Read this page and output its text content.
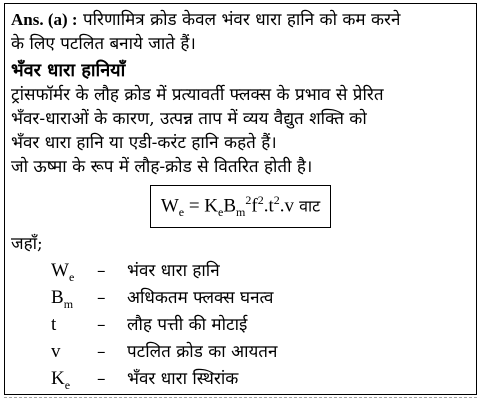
Ans. (a) : परिणामित्र क्रोड केवल भंवर धारा हानि को कम करने
के लिए पटलित बनाये जाते हैं।
भँवर धारा हानियाँ
ट्रांसफॉर्मर के लौह क्रोड में प्रत्यावर्ती फ्लक्स के प्रभाव से प्रेरित
भँवर-धाराओं के कारण, उत्पन्न ताप में व्यय वैद्युत शक्ति को
भँवर धारा हानि या एडी-करंट हानि कहते हैं।
जो ऊष्मा के रूप में लौह-क्रोड से वितरित होती है।
$W_e = K_eB_m^2f^2.t^2.v$ वाट
जहाँ;
$W_e$	–	भंवर धारा हानि
$B_m$	–	अधिकतम फ्लक्स घनत्व
t	–	लौह पत्ती की मोटाई
v	–	पटलित क्रोड का आयतन
$K_e$	–	भँवर धारा स्थिरांक
